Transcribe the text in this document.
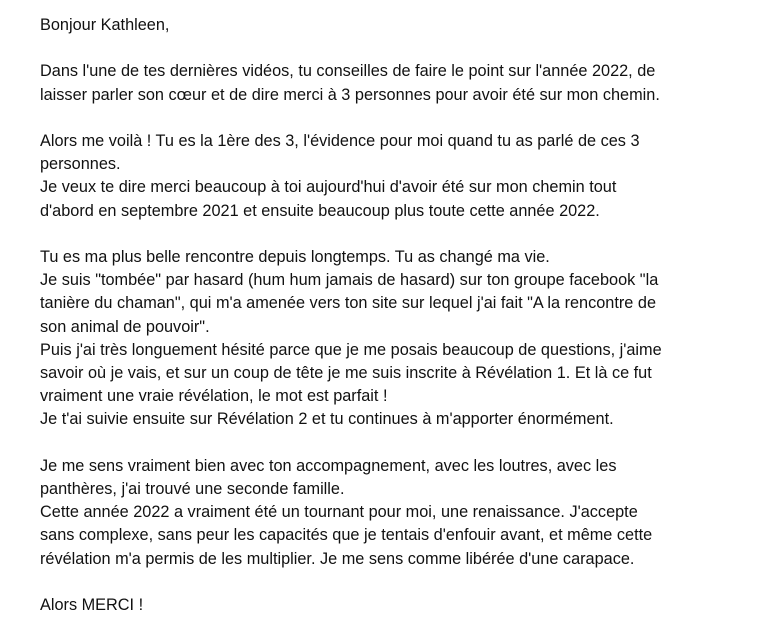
Bonjour Kathleen,
Dans l'une de tes dernières vidéos, tu conseilles de faire le point sur l'année 2022, de
laisser parler son cœur et de dire merci à 3 personnes pour avoir été sur mon chemin.
Alors me voilà ! Tu es la 1ère des 3, l'évidence pour moi quand tu as parlé de ces 3
personnes.
Je veux te dire merci beaucoup à toi aujourd'hui d'avoir été sur mon chemin tout
d'abord en septembre 2021 et ensuite beaucoup plus toute cette année 2022.
Tu es ma plus belle rencontre depuis longtemps. Tu as changé ma vie.
Je suis "tombée" par hasard (hum hum jamais de hasard) sur ton groupe facebook "la
tanière du chaman", qui m'a amenée vers ton site sur lequel j'ai fait "A la rencontre de
son animal de pouvoir".
Puis j'ai très longuement hésité parce que je me posais beaucoup de questions, j'aime
savoir où je vais, et sur un coup de tête je me suis inscrite à Révélation 1. Et là ce fut
vraiment une vraie révélation, le mot est parfait !
Je t'ai suivie ensuite sur Révélation 2 et tu continues à m'apporter énormément.
Je me sens vraiment bien avec ton accompagnement, avec les loutres, avec les
panthères, j'ai trouvé une seconde famille.
Cette année 2022 a vraiment été un tournant pour moi, une renaissance. J'accepte
sans complexe, sans peur les capacités que je tentais d'enfouir avant, et même cette
révélation m'a permis de les multiplier. Je me sens comme libérée d'une carapace.
Alors MERCI !
